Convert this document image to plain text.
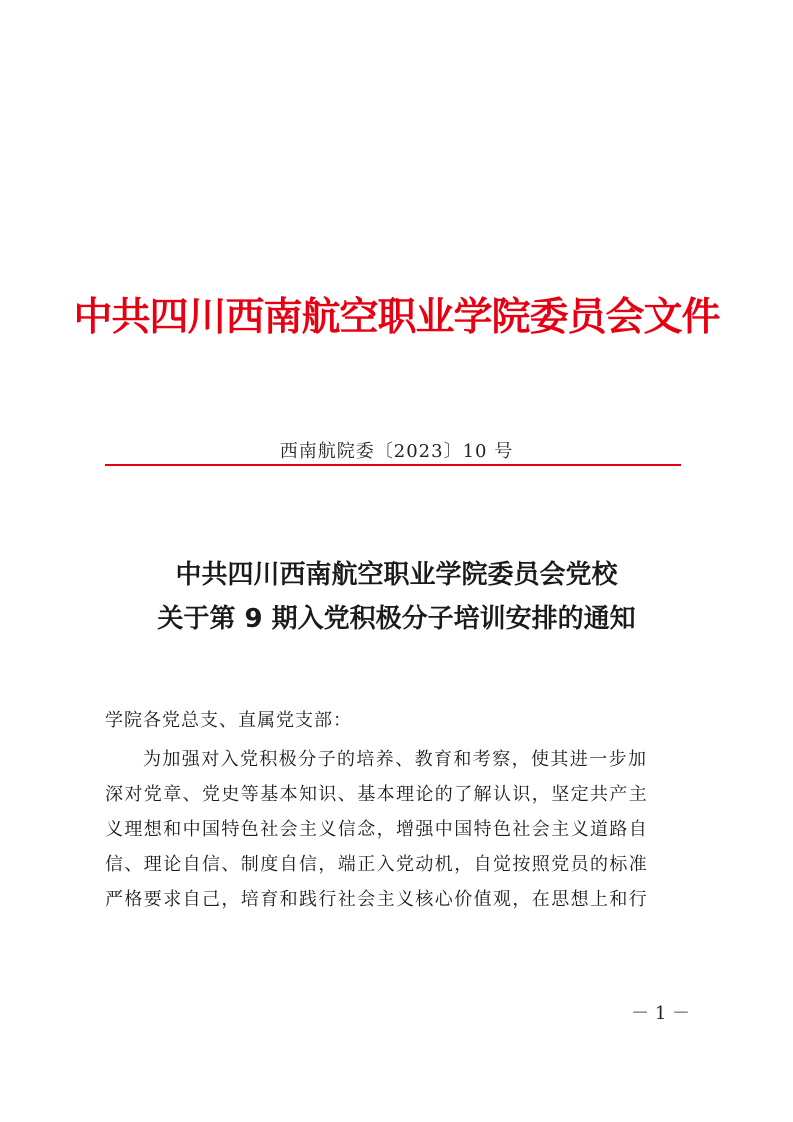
中共四川西南航空职业学院委员会文件
西南航院委〔2023〕10 号
中共四川西南航空职业学院委员会党校
关于第 9 期入党积极分子培训安排的通知
学院各党总支、直属党支部：
为加强对入党积极分子的培养、教育和考察，使其进一步加
深对党章、党史等基本知识、基本理论的了解认识，坚定共产主
义理想和中国特色社会主义信念，增强中国特色社会主义道路自
信、理论自信、制度自信，端正入党动机，自觉按照党员的标准
严格要求自己，培育和践行社会主义核心价值观，在思想上和行
－ 1 －
